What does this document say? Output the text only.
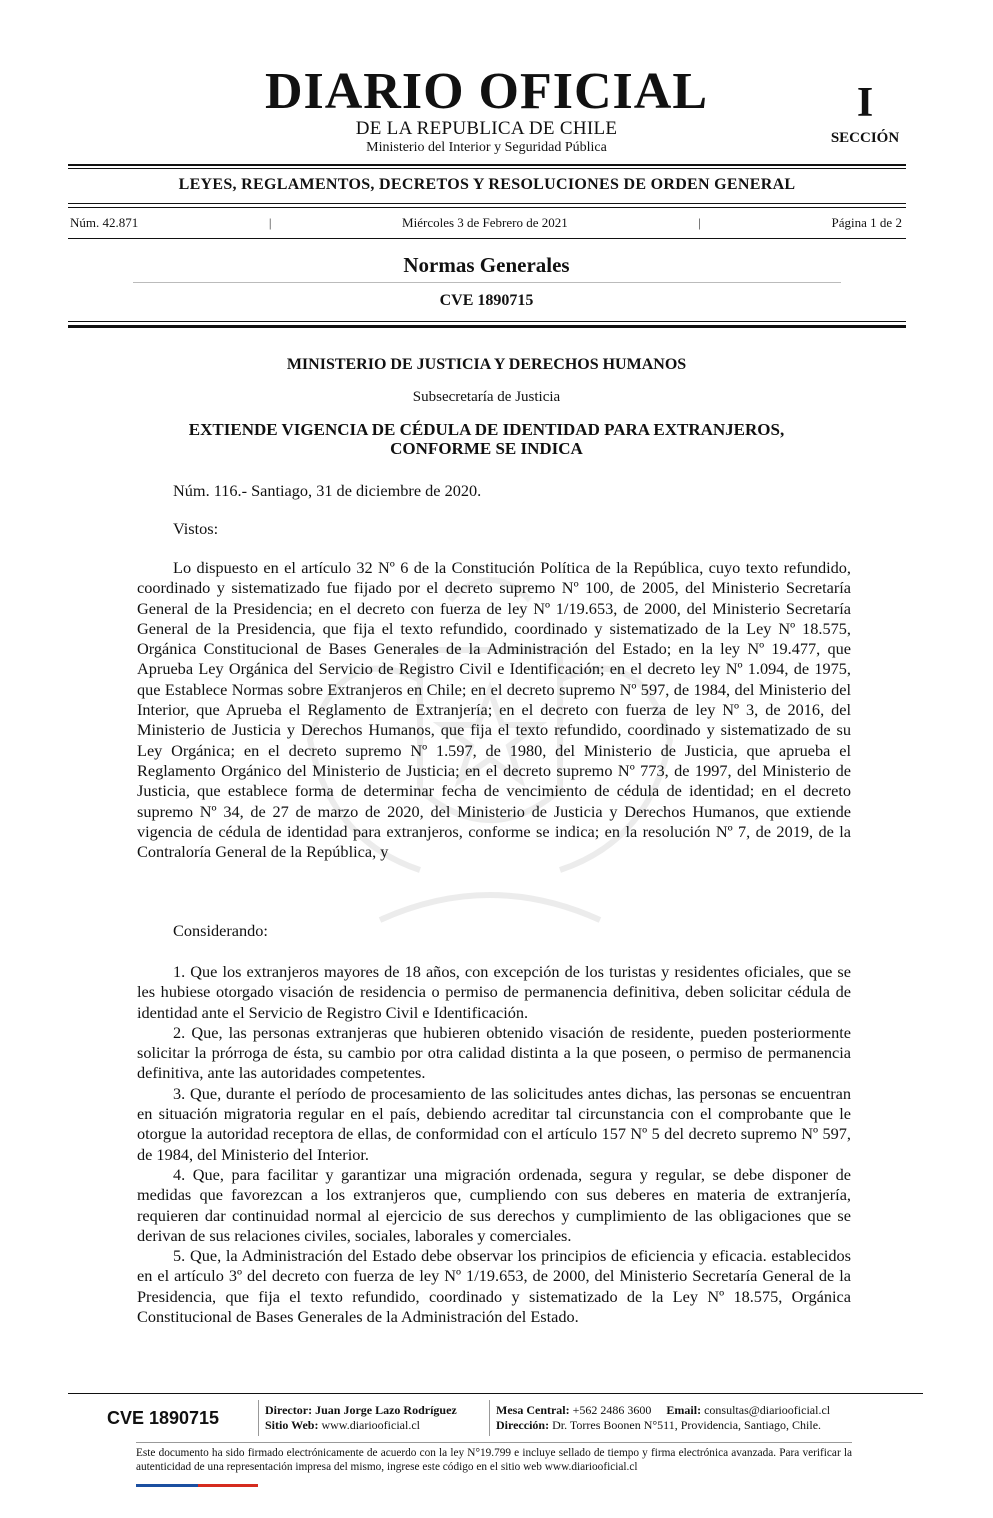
DIARIO OFICIAL
DE LA REPUBLICA DE CHILE
Ministerio del Interior y Seguridad Pública
I
SECCIÓN
LEYES, REGLAMENTOS, DECRETOS Y RESOLUCIONES DE ORDEN GENERAL
Núm. 42.871	|	Miércoles 3 de Febrero de 2021	|	Página 1 de 2
Normas Generales
CVE 1890715
MINISTERIO DE JUSTICIA Y DERECHOS HUMANOS
Subsecretaría de Justicia
EXTIENDE VIGENCIA DE CÉDULA DE IDENTIDAD PARA EXTRANJEROS,
CONFORME SE INDICA

Núm. 116.- Santiago, 31 de diciembre de 2020.

Vistos:

Lo dispuesto en el artículo 32 Nº 6 de la Constitución Política de la República, cuyo texto refundido, coordinado y sistematizado fue fijado por el decreto supremo Nº 100, de 2005, del Ministerio Secretaría General de la Presidencia; en el decreto con fuerza de ley Nº 1/19.653, de 2000, del Ministerio Secretaría General de la Presidencia, que fija el texto refundido, coordinado y sistematizado de la Ley Nº 18.575, Orgánica Constitucional de Bases Generales de la Administración del Estado; en la ley Nº 19.477, que Aprueba Ley Orgánica del Servicio de Registro Civil e Identificación; en el decreto ley Nº 1.094, de 1975, que Establece Normas sobre Extranjeros en Chile; en el decreto supremo Nº 597, de 1984, del Ministerio del Interior, que Aprueba el Reglamento de Extranjería; en el decreto con fuerza de ley Nº 3, de 2016, del Ministerio de Justicia y Derechos Humanos, que fija el texto refundido, coordinado y sistematizado de su Ley Orgánica; en el decreto supremo Nº 1.597, de 1980, del Ministerio de Justicia, que aprueba el Reglamento Orgánico del Ministerio de Justicia; en el decreto supremo Nº 773, de 1997, del Ministerio de Justicia, que establece forma de determinar fecha de vencimiento de cédula de identidad; en el decreto supremo Nº 34, de 27 de marzo de 2020, del Ministerio de Justicia y Derechos Humanos, que extiende vigencia de cédula de identidad para extranjeros, conforme se indica; en la resolución Nº 7, de 2019, de la Contraloría General de la República, y

Considerando:

1. Que los extranjeros mayores de 18 años, con excepción de los turistas y residentes oficiales, que se les hubiese otorgado visación de residencia o permiso de permanencia definitiva, deben solicitar cédula de identidad ante el Servicio de Registro Civil e Identificación.

2. Que, las personas extranjeras que hubieren obtenido visación de residente, pueden posteriormente solicitar la prórroga de ésta, su cambio por otra calidad distinta a la que poseen, o permiso de permanencia definitiva, ante las autoridades competentes.

3. Que, durante el período de procesamiento de las solicitudes antes dichas, las personas se encuentran en situación migratoria regular en el país, debiendo acreditar tal circunstancia con el comprobante que le otorgue la autoridad receptora de ellas, de conformidad con el artículo 157 Nº 5 del decreto supremo Nº 597, de 1984, del Ministerio del Interior.

4. Que, para facilitar y garantizar una migración ordenada, segura y regular, se debe disponer de medidas que favorezcan a los extranjeros que, cumpliendo con sus deberes en materia de extranjería, requieren dar continuidad normal al ejercicio de sus derechos y cumplimiento de las obligaciones que se derivan de sus relaciones civiles, sociales, laborales y comerciales.

5. Que, la Administración del Estado debe observar los principios de eficiencia y eficacia. establecidos en el artículo 3º del decreto con fuerza de ley Nº 1/19.653, de 2000, del Ministerio Secretaría General de la Presidencia, que fija el texto refundido, coordinado y sistematizado de la Ley Nº 18.575, Orgánica Constitucional de Bases Generales de la Administración del Estado.

CVE 1890715	Director: Juan Jorge Lazo Rodríguez
Sitio Web: www.diariooficial.cl
Mesa Central: +562 2486 3600 Email: consultas@diariooficial.cl
Dirección: Dr. Torres Boonen N°511, Providencia, Santiago, Chile.
Este documento ha sido firmado electrónicamente de acuerdo con la ley N°19.799 e incluye sellado de tiempo y firma electrónica avanzada. Para verificar la autenticidad de una representación impresa del mismo, ingrese este código en el sitio web www.diariooficial.cl
